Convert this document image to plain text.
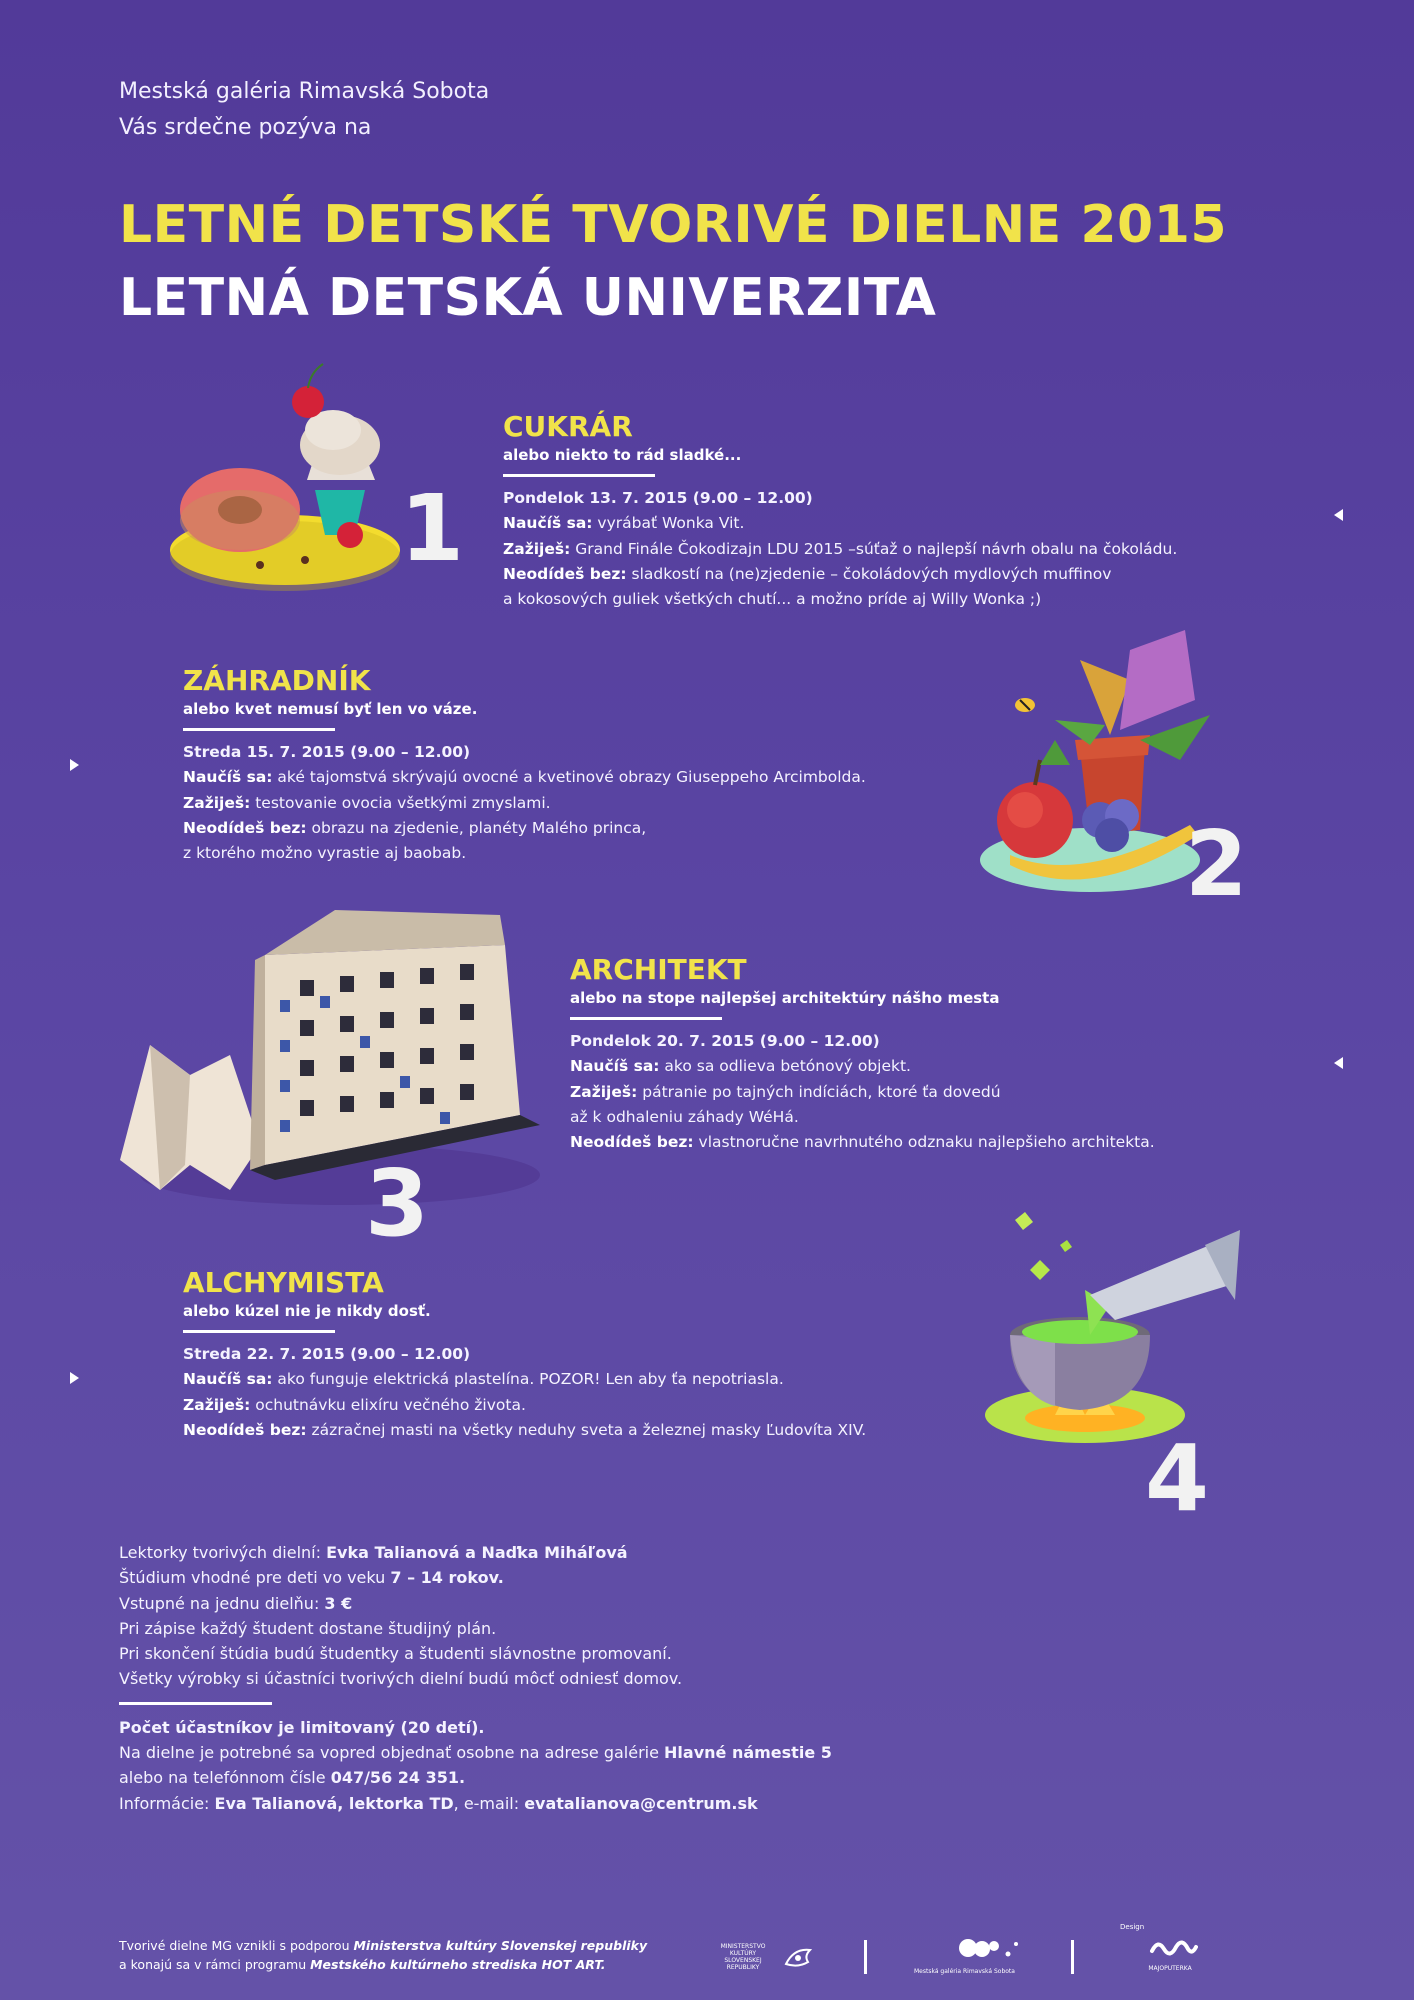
Mestská galéria Rimavská Sobota
Vás srdečne pozýva na
LETNÉ DETSKÉ TVORIVÉ DIELNE 2015
LETNÁ DETSKÁ UNIVERZITA
1
CUKRÁR
alebo niekto to rád sladké...
Pondelok 13. 7. 2015 (9.00 – 12.00)
Naučíš sa: vyrábať Wonka Vit.
Zažiješ: Grand Finále Čokodizajn LDU 2015 –súťaž o najlepší návrh obalu na čokoládu.
Neodídeš bez: sladkostí na (ne)zjedenie – čokoládových mydlových muffinov
a kokosových guliek všetkých chutí... a možno príde aj Willy Wonka ;)
ZÁHRADNÍK
alebo kvet nemusí byť len vo váze.
Streda 15. 7. 2015 (9.00 – 12.00)
Naučíš sa: aké tajomstvá skrývajú ovocné a kvetinové obrazy Giuseppeho Arcimbolda.
Zažiješ: testovanie ovocia všetkými zmyslami.
Neodídeš bez: obrazu na zjedenie, planéty Malého princa,
z ktorého možno vyrastie aj baobab.	2
3
ARCHITEKT
alebo na stope najlepšej architektúry nášho mesta
Pondelok 20. 7. 2015 (9.00 – 12.00)
Naučíš sa: ako sa odlieva betónový objekt.
Zažiješ: pátranie po tajných indíciách, ktoré ťa dovedú
až k odhaleniu záhady WéHá.
Neodídeš bez: vlastnoručne navrhnutého odznaku najlepšieho architekta.
ALCHYMISTA
alebo kúzel nie je nikdy dosť.
Streda 22. 7. 2015 (9.00 – 12.00)
Naučíš sa: ako funguje elektrická plastelína. POZOR! Len aby ťa nepotriasla.
Zažiješ: ochutnávku elixíru večného života.
Neodídeš bez: zázračnej masti na všetky neduhy sveta a železnej masky Ľudovíta XIV.	4
Lektorky tvorivých dielní: Evka Talianová a Naďka Miháľová
Štúdium vhodné pre deti vo veku 7 – 14 rokov.
Vstupné na jednu dielňu: 3 €
Pri zápise každý študent dostane študijný plán.
Pri skončení štúdia budú študentky a študenti slávnostne promovaní.
Všetky výrobky si účastníci tvorivých dielní budú môcť odniesť domov.
Počet účastníkov je limitovaný (20 detí).
Na dielne je potrebné sa vopred objednať osobne na adrese galérie Hlavné námestie 5
alebo na telefónnom čísle 047/56 24 351.
Informácie: Eva Talianová, lektorka TD, e-mail: evatalianova@centrum.sk
Tvorivé dielne MG vznikli s podporou Ministerstva kultúry Slovenskej republiky
a konajú sa v rámci programu Mestského kultúrneho strediska HOT ART.
MINISTERSTVO KULTÚRY SLOVENSKEJ REPUBLIKY
Mestská galéria Rimavská Sobota
Design
MAJOPUTERKA
